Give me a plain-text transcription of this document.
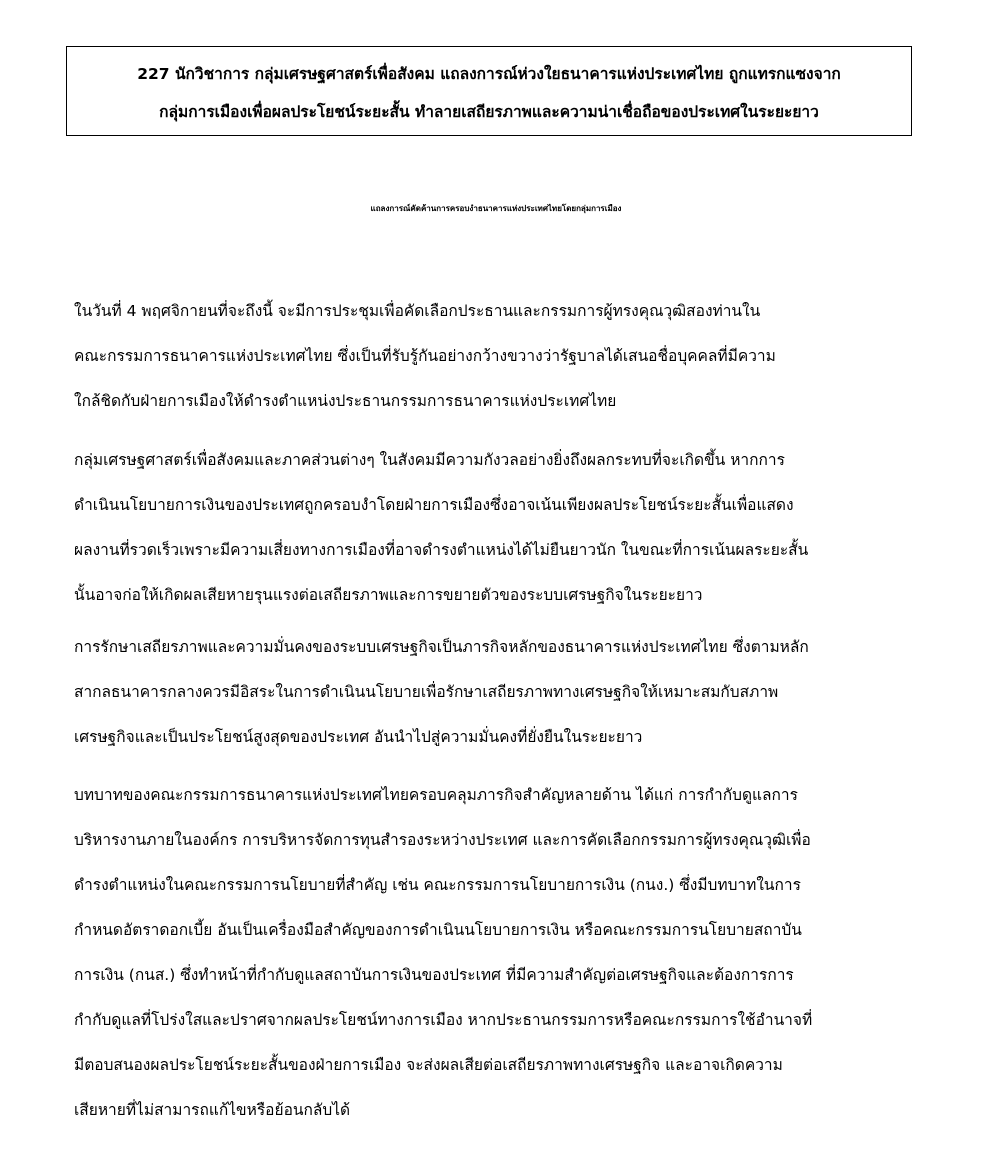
227 นักวิชาการ กลุ่มเศรษฐศาสตร์เพื่อสังคม แถลงการณ์ห่วงใยธนาคารแห่งประเทศไทย ถูกแทรกแซงจาก
กลุ่มการเมืองเพื่อผลประโยชน์ระยะสั้น ทำลายเสถียรภาพและความน่าเชื่อถือของประเทศในระยะยาว
แถลงการณ์คัดค้านการครอบงำธนาคารแห่งประเทศไทยโดยกลุ่มการเมือง
ในวันที่ 4 พฤศจิกายนที่จะถึงนี้ จะมีการประชุมเพื่อคัดเลือกประธานและกรรมการผู้ทรงคุณวุฒิสองท่านใน
คณะกรรมการธนาคารแห่งประเทศไทย ซึ่งเป็นที่รับรู้กันอย่างกว้างขวางว่ารัฐบาลได้เสนอชื่อบุคคลที่มีความ
ใกล้ชิดกับฝ่ายการเมืองให้ดำรงตำแหน่งประธานกรรมการธนาคารแห่งประเทศไทย
กลุ่มเศรษฐศาสตร์เพื่อสังคมและภาคส่วนต่างๆ ในสังคมมีความกังวลอย่างยิ่งถึงผลกระทบที่จะเกิดขึ้น หากการ
ดำเนินนโยบายการเงินของประเทศถูกครอบงำโดยฝ่ายการเมืองซึ่งอาจเน้นเพียงผลประโยชน์ระยะสั้นเพื่อแสดง
ผลงานที่รวดเร็วเพราะมีความเสี่ยงทางการเมืองที่อาจดำรงตำแหน่งได้ไม่ยืนยาวนัก ในขณะที่การเน้นผลระยะสั้น
นั้นอาจก่อให้เกิดผลเสียหายรุนแรงต่อเสถียรภาพและการขยายตัวของระบบเศรษฐกิจในระยะยาว
การรักษาเสถียรภาพและความมั่นคงของระบบเศรษฐกิจเป็นภารกิจหลักของธนาคารแห่งประเทศไทย ซึ่งตามหลัก
สากลธนาคารกลางควรมีอิสระในการดำเนินนโยบายเพื่อรักษาเสถียรภาพทางเศรษฐกิจให้เหมาะสมกับสภาพ
เศรษฐกิจและเป็นประโยชน์สูงสุดของประเทศ อันนำไปสู่ความมั่นคงที่ยั่งยืนในระยะยาว
บทบาทของคณะกรรมการธนาคารแห่งประเทศไทยครอบคลุมภารกิจสำคัญหลายด้าน ได้แก่ การกำกับดูแลการ
บริหารงานภายในองค์กร การบริหารจัดการทุนสำรองระหว่างประเทศ และการคัดเลือกกรรมการผู้ทรงคุณวุฒิเพื่อ
ดำรงตำแหน่งในคณะกรรมการนโยบายที่สำคัญ เช่น คณะกรรมการนโยบายการเงิน (กนง.) ซึ่งมีบทบาทในการ
กำหนดอัตราดอกเบี้ย อันเป็นเครื่องมือสำคัญของการดำเนินนโยบายการเงิน หรือคณะกรรมการนโยบายสถาบัน
การเงิน (กนส.) ซึ่งทำหน้าที่กำกับดูแลสถาบันการเงินของประเทศ ที่มีความสำคัญต่อเศรษฐกิจและต้องการการ
กำกับดูแลที่โปร่งใสและปราศจากผลประโยชน์ทางการเมือง หากประธานกรรมการหรือคณะกรรมการใช้อำนาจที่
มีตอบสนองผลประโยชน์ระยะสั้นของฝ่ายการเมือง จะส่งผลเสียต่อเสถียรภาพทางเศรษฐกิจ และอาจเกิดความ
เสียหายที่ไม่สามารถแก้ไขหรือย้อนกลับได้
